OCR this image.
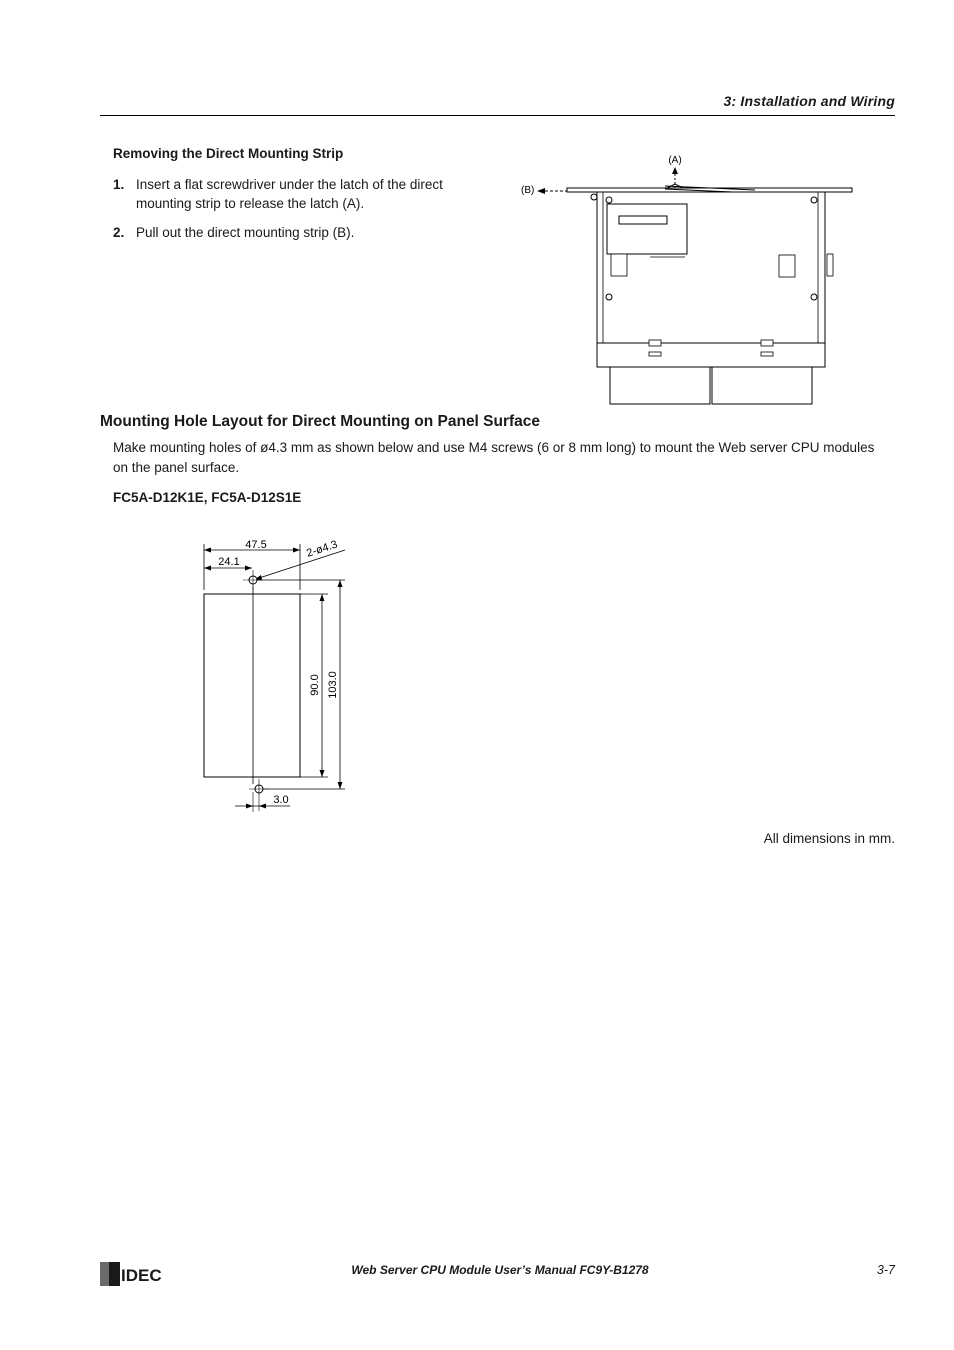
3: Installation and Wiring
Removing the Direct Mounting Strip
1. Insert a flat screwdriver under the latch of the direct mounting strip to release the latch (A).
2. Pull out the direct mounting strip (B).
(A)
(B)
Mounting Hole Layout for Direct Mounting on Panel Surface
Make mounting holes of ø4.3 mm as shown below and use M4 screws (6 or 8 mm long) to mount the Web server CPU modules on the panel surface.
FC5A-D12K1E, FC5A-D12S1E
47.5
24.1
2-ø4.3
90.0 103.0
3.0
All dimensions in mm.
IDEC	Web Server CPU Module User’s Manual FC9Y-B1278	3-7
